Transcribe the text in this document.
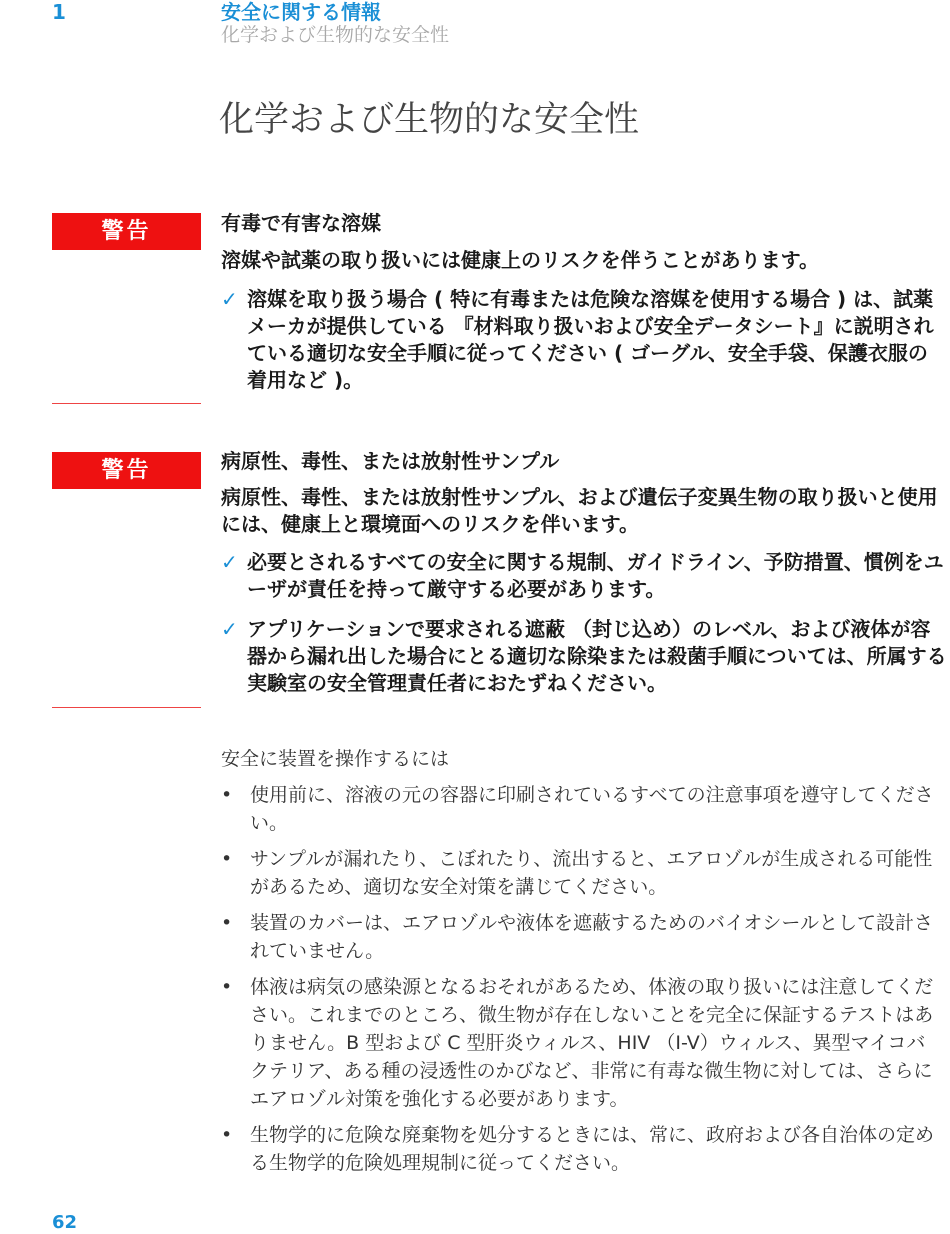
1	安全に関する情報
化学および生物的な安全性
化学および生物的な安全性
警告	有毒で有害な溶媒
溶媒や試薬の取り扱いには健康上のリスクを伴うことがあります。
✓ 溶媒を取り扱う場合 ( 特に有毒または危険な溶媒を使用する場合 ) は、試薬メーカが提供している 『材料取り扱いおよび安全データシート』に説明されている適切な安全手順に従ってください ( ゴーグル、安全手袋、保護衣服の着用など )。
警告	病原性、毒性、または放射性サンプル
病原性、毒性、または放射性サンプル、および遺伝子変異生物の取り扱いと使用には、健康上と環境面へのリスクを伴います。
✓ 必要とされるすべての安全に関する規制、ガイドライン、予防措置、慣例をユーザが責任を持って厳守する必要があります。
✓ アプリケーションで要求される遮蔽 （封じ込め）のレベル、および液体が容器から漏れ出した場合にとる適切な除染または殺菌手順については、所属する実験室の安全管理責任者におたずねください。
安全に装置を操作するには
• 使用前に、溶液の元の容器に印刷されているすべての注意事項を遵守してください。
• サンプルが漏れたり、こぼれたり、流出すると、エアロゾルが生成される可能性があるため、適切な安全対策を講じてください。
• 装置のカバーは、エアロゾルや液体を遮蔽するためのバイオシールとして設計されていません。
• 体液は病気の感染源となるおそれがあるため、体液の取り扱いには注意してください。これまでのところ、微生物が存在しないことを完全に保証するテストはありません。B 型および C 型肝炎ウィルス、HIV （I-V）ウィルス、異型マイコバクテリア、ある種の浸透性のかびなど、非常に有毒な微生物に対しては、さらにエアロゾル対策を強化する必要があります。
• 生物学的に危険な廃棄物を処分するときには、常に、政府および各自治体の定める生物学的危険処理規制に従ってください。
62
